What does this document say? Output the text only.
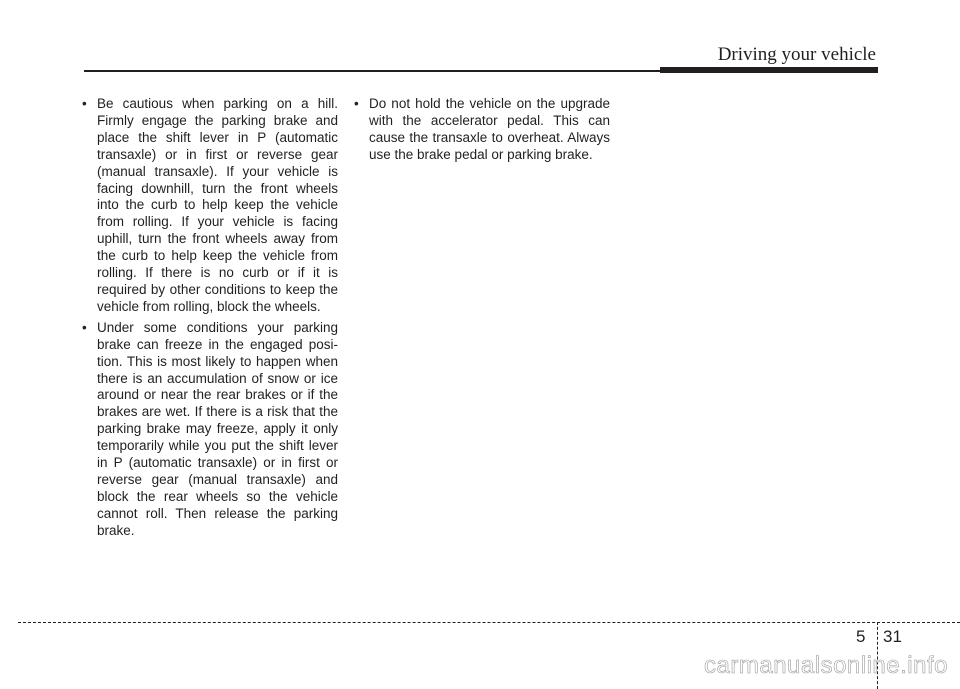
Driving your vehicle

• Be cautious when parking on a hill. Firmly engage the parking brake and place the shift lever in P (automatic transaxle) or in first or reverse gear (manual transaxle). If your vehicle is facing downhill, turn the front wheels into the curb to help keep the vehicle from rolling. If your vehicle is facing uphill, turn the front wheels away from the curb to help keep the vehicle from rolling. If there is no curb or if it is required by other conditions to keep the vehicle from rolling, block the wheels.

• Under some conditions your parking brake can freeze in the engaged posi-tion. This is most likely to happen when there is an accumulation of snow or ice around or near the rear brakes or if the brakes are wet. If there is a risk that the parking brake may freeze, apply it only temporarily while you put the shift lever in P (automatic transaxle) or in first or reverse gear (manual transaxle) and block the rear wheels so the vehicle cannot roll. Then release the parking brake.

• Do not hold the vehicle on the upgrade with the accelerator pedal. This can cause the transaxle to overheat. Always use the brake pedal or parking brake.

5 31
carmanualsonline.info
